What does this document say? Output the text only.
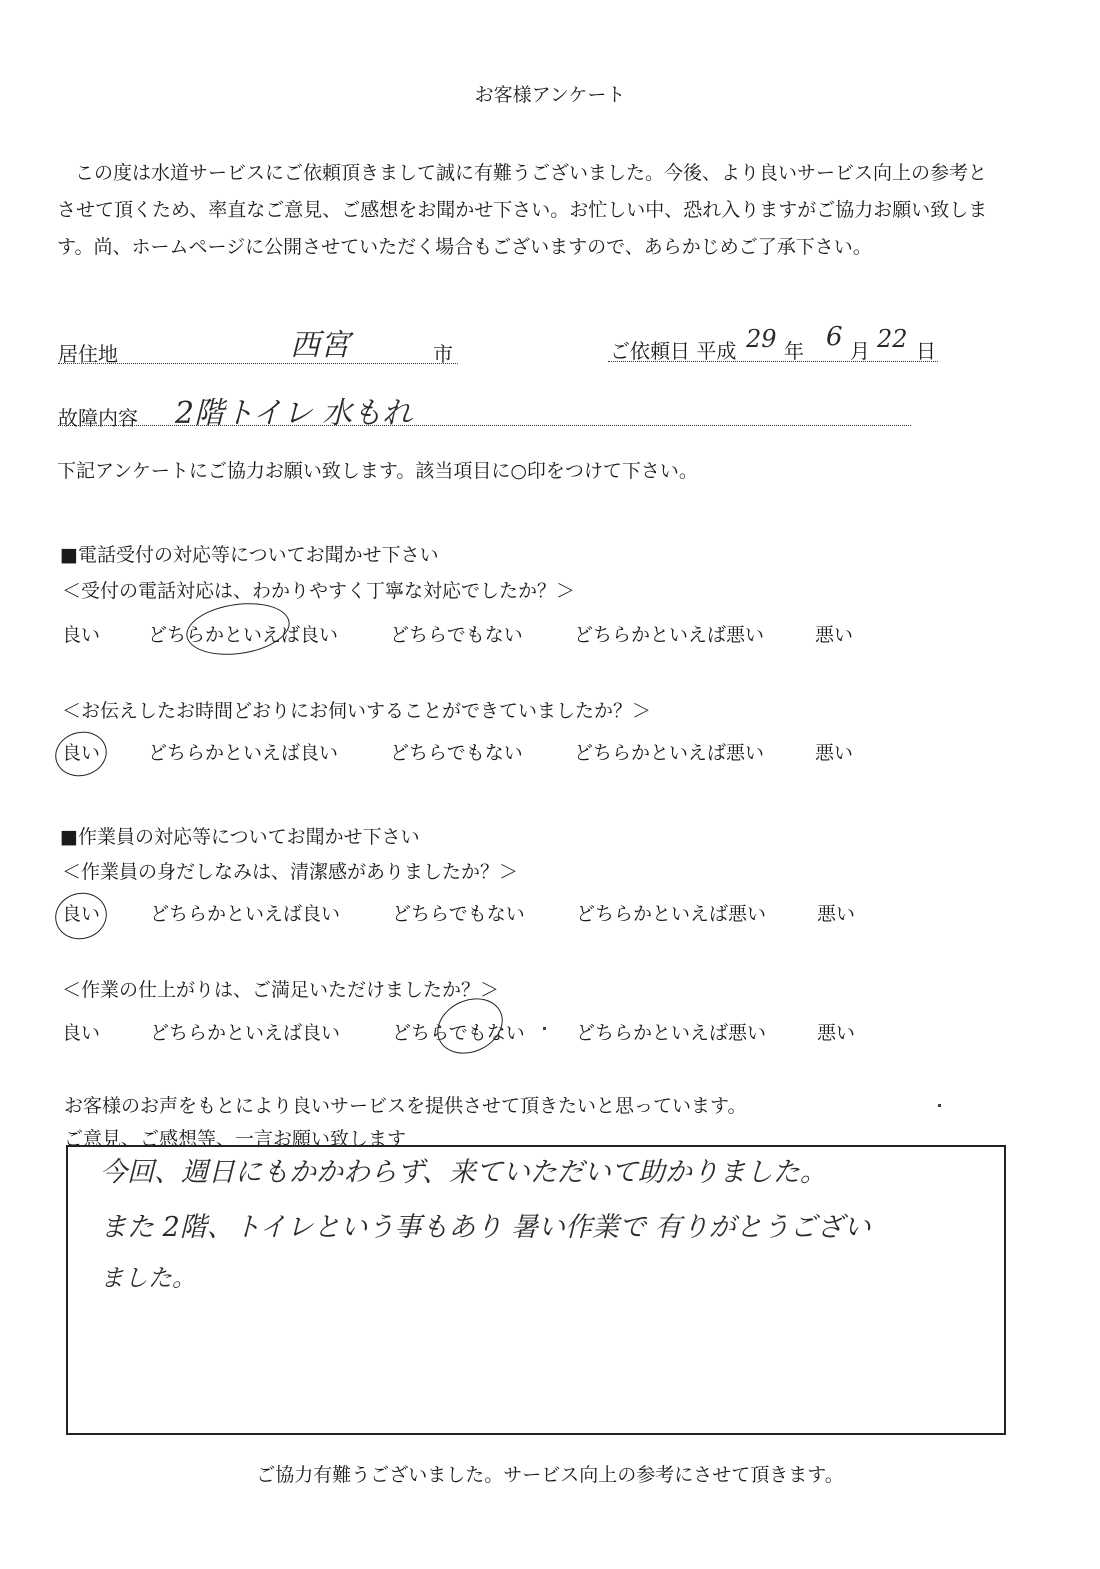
お客様アンケート
この度は水道サービスにご依頼頂きまして誠に有難うございました。今後、より良いサービス向上の参考と
させて頂くため、率直なご意見、ご感想をお聞かせ下さい。お忙しい中、恐れ入りますがご協力お願い致しま
す。尚、ホームページに公開させていただく場合もございますので、あらかじめご了承下さい。
居住地	西宮	市	ご依頼日 平成 29 年 6 月 22 日
故障内容 2階トイレ 水もれ
下記アンケートにご協力お願い致します。該当項目に○印をつけて下さい。
■電話受付の対応等についてお聞かせ下さい
＜受付の電話対応は、わかりやすく丁寧な対応でしたか？＞
良い	どちらかといえば良い	どちらでもない	どちらかといえば悪い	悪い
＜お伝えしたお時間どおりにお伺いすることができていましたか？＞
良い	どちらかといえば良い	どちらでもない	どちらかといえば悪い	悪い
■作業員の対応等についてお聞かせ下さい
＜作業員の身だしなみは、清潔感がありましたか？＞
良い	どちらかといえば良い	どちらでもない	どちらかといえば悪い	悪い
＜作業の仕上がりは、ご満足いただけましたか？＞
良い	どちらかといえば良い	どちらでもない	どちらかといえば悪い	悪い
お客様のお声をもとにより良いサービスを提供させて頂きたいと思っています。
ご意見、ご感想等、一言お願い致します
今回、週日にもかかわらず、来ていただいて助かりました。
また 2階、トイレという事もあり 暑い作業で 有りがとうござい
ました。
ご協力有難うございました。サービス向上の参考にさせて頂きます。
